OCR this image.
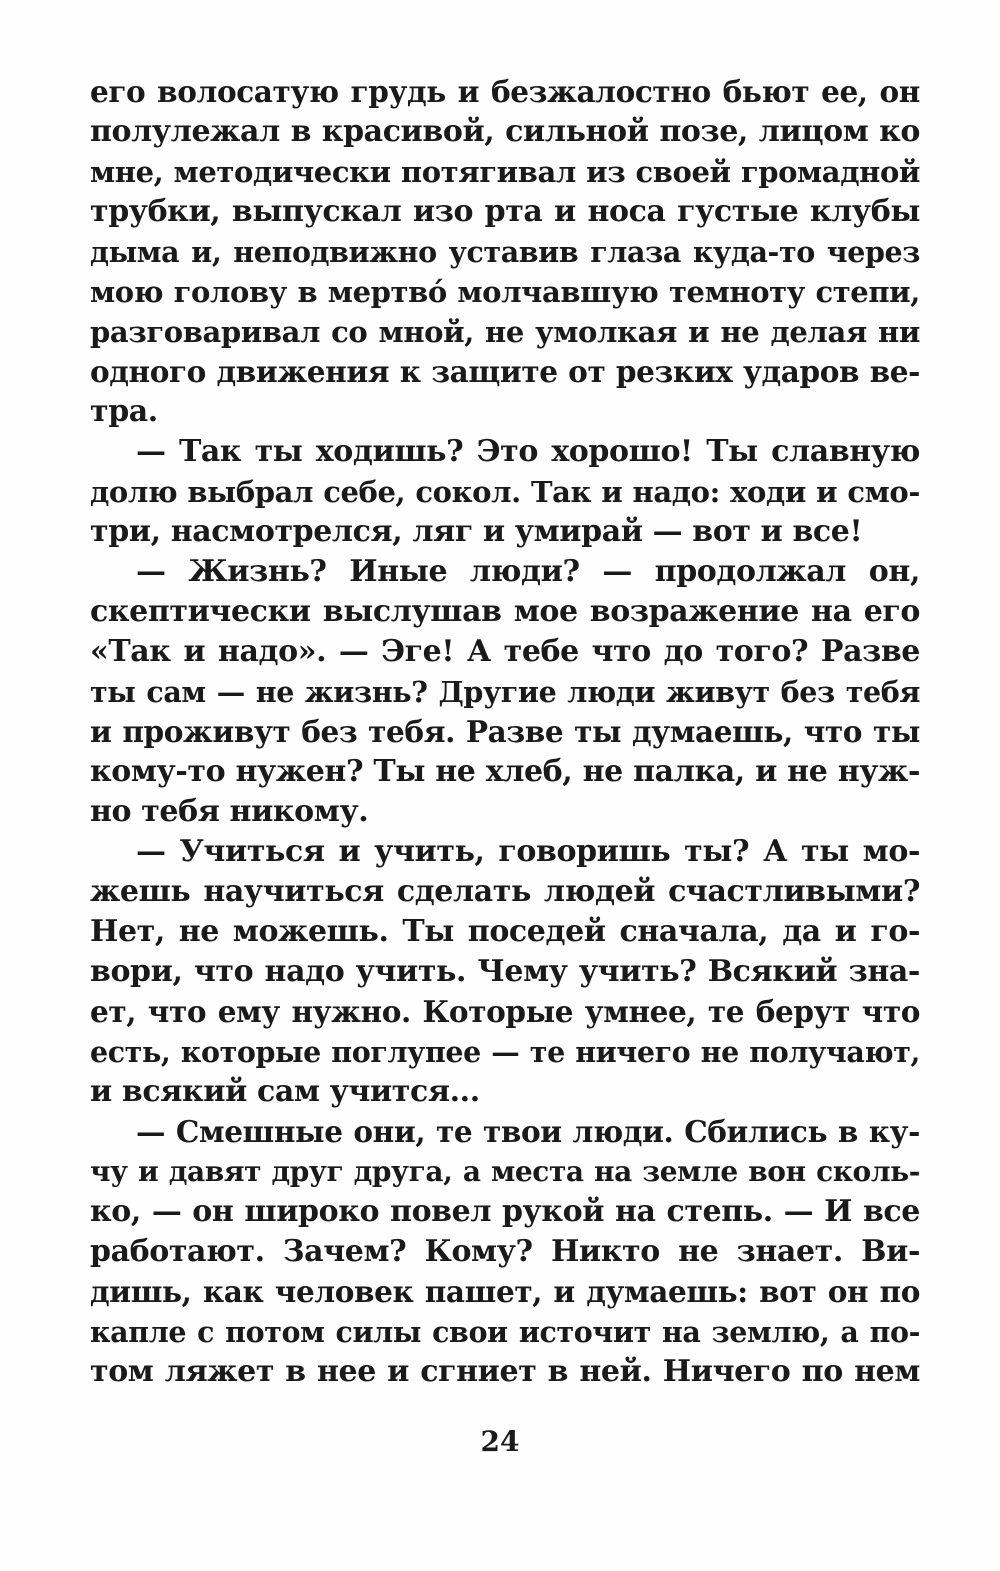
его волосатую грудь и безжалостно бьют ее, он
полулежал в красивой, сильной позе, лицом ко
мне, методически потягивал из своей громадной
трубки, выпускал изо рта и носа густые клубы
дыма и, неподвижно уставив глаза куда-то через
мою голову в мертво́ молчавшую темноту степи,
разговаривал со мной, не умолкая и не делая ни
одного движения к защите от резких ударов ве-
тра.
— Так ты ходишь? Это хорошо! Ты славную
долю выбрал себе, сокол. Так и надо: ходи и смо-
три, насмотрелся, ляг и умирай — вот и все!
— Жизнь? Иные люди? — продолжал он,
скептически выслушав мое возражение на его
«Так и надо». — Эге! А тебе что до того? Разве
ты сам — не жизнь? Другие люди живут без тебя
и проживут без тебя. Разве ты думаешь, что ты
кому-то нужен? Ты не хлеб, не палка, и не нуж-
но тебя никому.
— Учиться и учить, говоришь ты? А ты мо-
жешь научиться сделать людей счастливыми?
Нет, не можешь. Ты поседей сначала, да и го-
вори, что надо учить. Чему учить? Всякий зна-
ет, что ему нужно. Которые умнее, те берут что
есть, которые поглупее — те ничего не получают,
и всякий сам учится...
— Смешные они, те твои люди. Сбились в ку-
чу и давят друг друга, а места на земле вон сколь-
ко, — он широко повел рукой на степь. — И все
работают. Зачем? Кому? Никто не знает. Ви-
дишь, как человек пашет, и думаешь: вот он по
капле с потом силы свои источит на землю, а по-
том ляжет в нее и сгниет в ней. Ничего по нем
24
